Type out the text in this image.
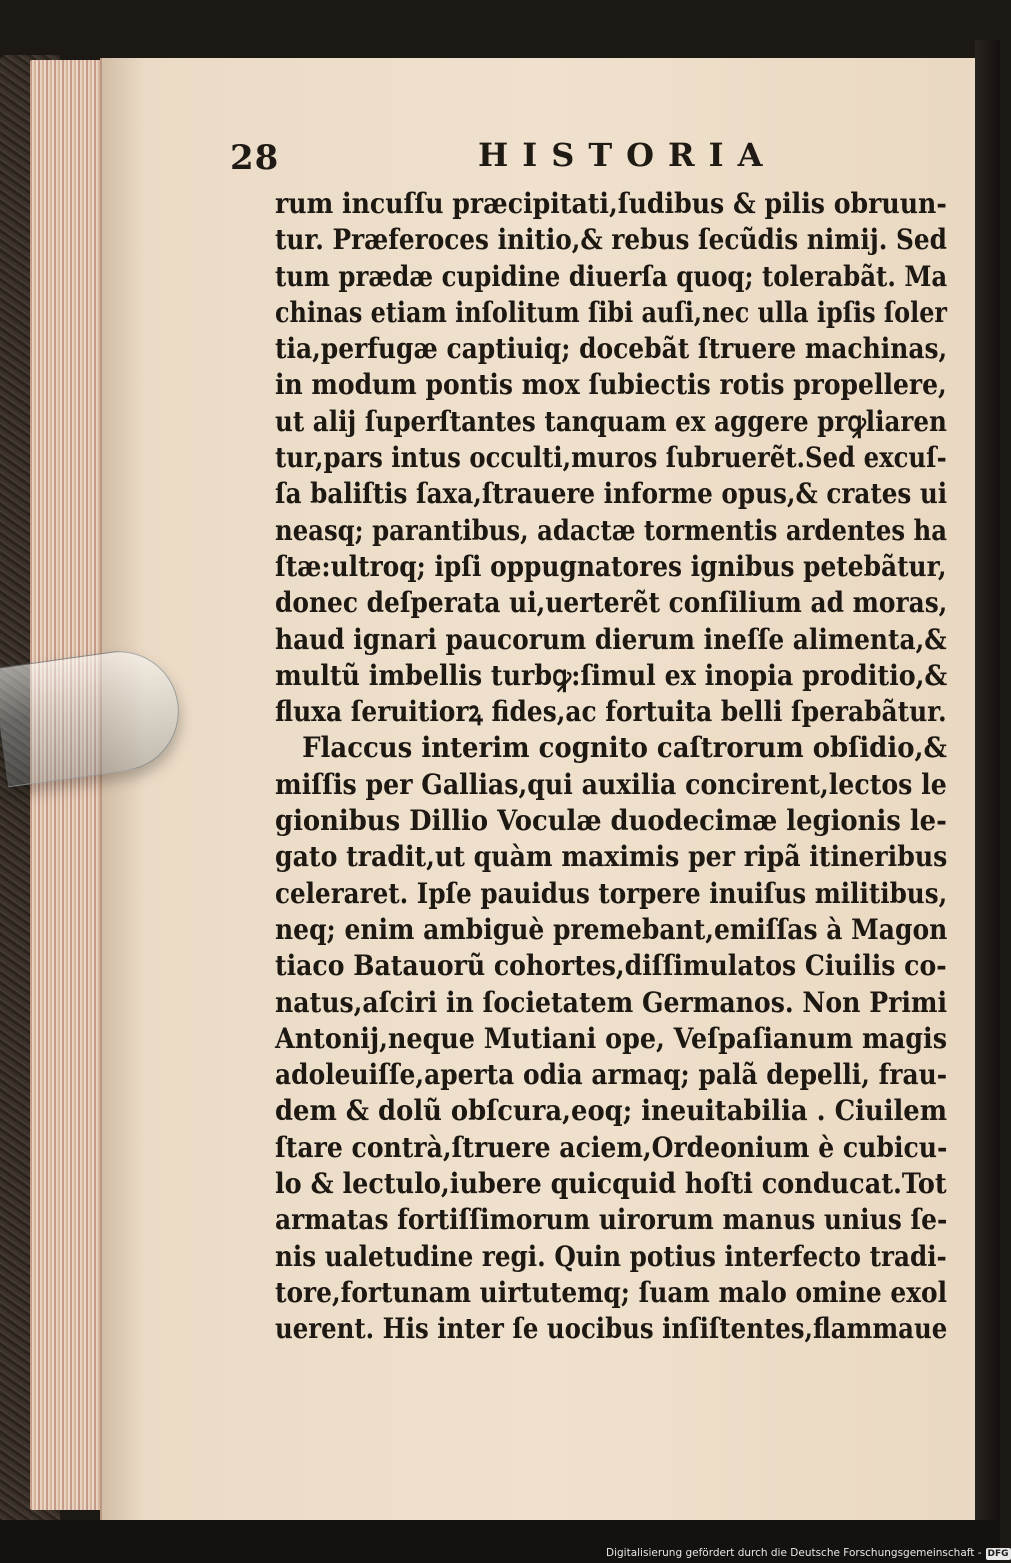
28	HISTORIA
rum incuſſu præcipitati,ſudibus & pilis obruun-
tur. Præferoces initio,& rebus ſecũdis nimij. Sed
tum prædæ cupidine diuerſa quoq; tolerabãt. Ma
chinas etiam inſolitum ſibi auſi,nec ulla ipſis ſoler
tia,perfugæ captiuiq; docebãt ſtruere machinas,
in modum pontis mox ſubiectis rotis propellere,
ut alij ſuperſtantes tanquam ex aggere prꝙliaren
tur,pars intus occulti,muros ſubruerẽt.Sed excuſ-
ſa baliſtis ſaxa,ſtrauere informe opus,& crates ui
neasq; parantibus, adactæ tormentis ardentes ha
ſtæ:ultroq; ipſi oppugnatores ignibus petebãtur,
donec deſperata ui,uerterẽt conſilium ad moras,
haud ignari paucorum dierum ineſſe alimenta,&
multũ imbellis turbꝙ:ſimul ex inopia proditio,&
fluxa ſeruitiorꝝ fides,ac fortuita belli ſperabãtur.
Flaccus interim cognito caſtrorum obſidio,&
miſſis per Gallias,qui auxilia concirent,lectos le
gionibus Dillio Voculæ duodecimæ legionis le-
gato tradit,ut quàm maximis per ripã itineribus
celeraret. Ipſe pauidus torpere inuiſus militibus,
neq; enim ambiguè premebant,emiſſas à Magon
tiaco Batauorũ cohortes,diſſimulatos Ciuilis co-
natus,aſciri in ſocietatem Germanos. Non Primi
Antonij,neque Mutiani ope, Veſpaſianum magis
adoleuiſſe,aperta odia armaq; palã depelli, frau-
dem & dolũ obſcura,eoq; ineuitabilia . Ciuilem
ſtare contrà,ſtruere aciem,Ordeonium è cubicu-
lo & lectulo,iubere quicquid hoſti conducat.Tot
armatas fortiſſimorum uirorum manus unius ſe-
nis ualetudine regi. Quin potius interfecto tradi-
tore,fortunam uirtutemq; ſuam malo omine exol
uerent. His inter ſe uocibus inſiſtentes,flammaue
Digitalisierung gefördert durch die Deutsche Forschungsgemeinschaft - DFG
